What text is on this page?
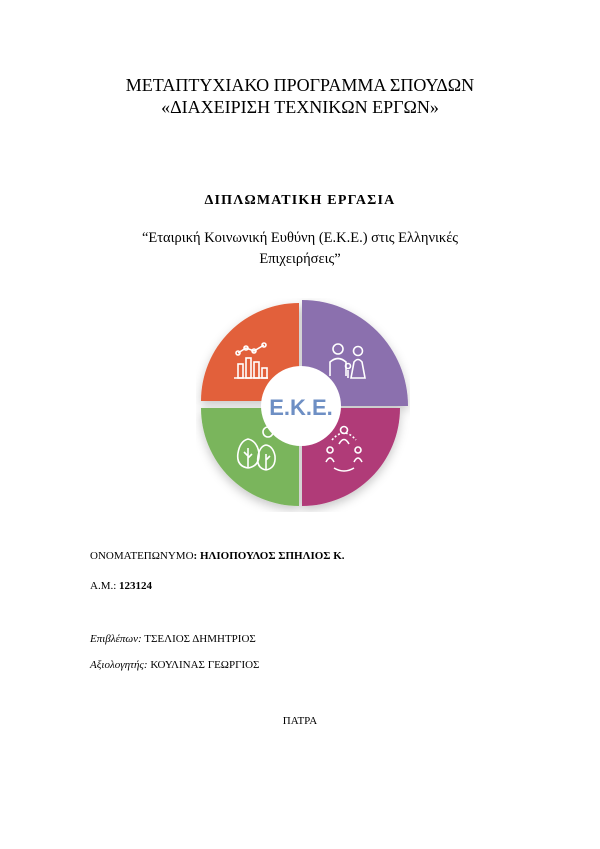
ΜΕΤΑΠΤΥΧΙΑΚΟ ΠΡΟΓΡΑΜΜΑ ΣΠΟΥΔΩΝ
«ΔΙΑΧΕΙΡΙΣΗ ΤΕΧΝΙΚΩΝ ΕΡΓΩΝ»
ΔΙΠΛΩΜΑΤΙΚΗ ΕΡΓΑΣΙΑ
“Εταιρική Κοινωνική Ευθύνη (Ε.Κ.Ε.) στις Ελληνικές
Επιχειρήσεις”
Ε.Κ.Ε.
ΟΝΟΜΑΤΕΠΩΝΥΜΟ: ΗΛΙΟΠΟΥΛΟΣ ΣΠΗΛΙΟΣ Κ.
Α.Μ.: 123124
Επιβλέπων: ΤΣΕΛΙΟΣ ΔΗΜΗΤΡΙΟΣ
Αξιολογητής: ΚΟΥΛΙΝΑΣ ΓΕΩΡΓΙΟΣ
ΠΑΤΡΑ
